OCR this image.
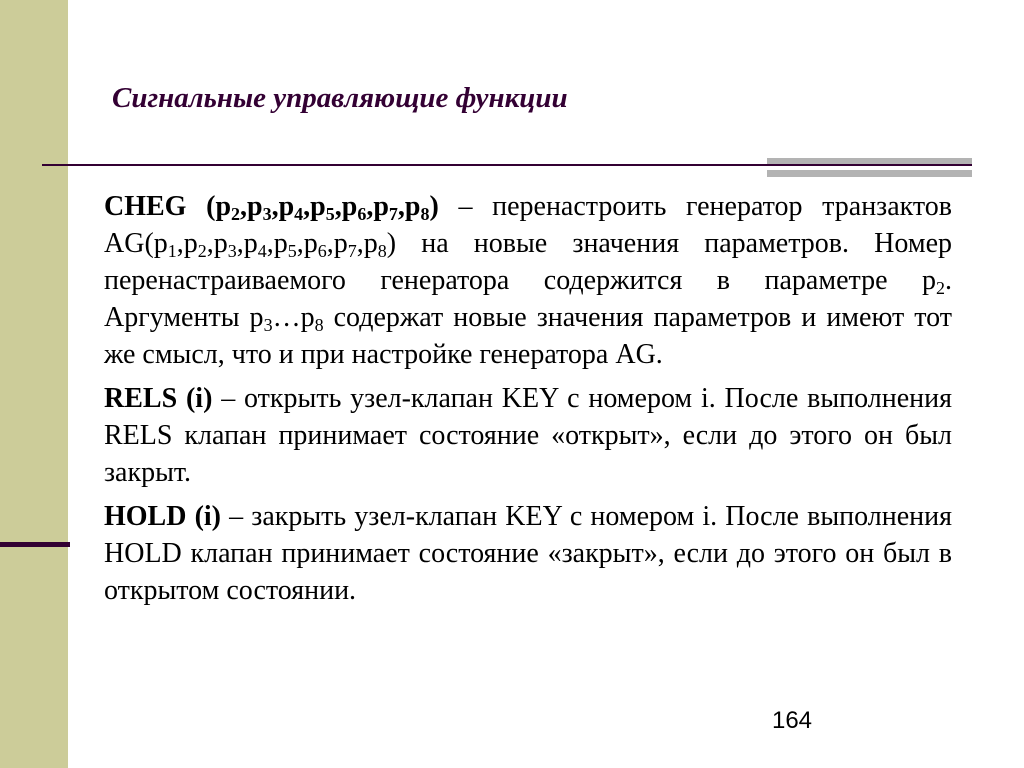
Сигнальные управляющие функции

CHEG $(p_2,p_3,p_4,p_5,p_6,p_7,p_8)$ – перенастроить генератор транзактов $AG(p_1,p_2,p_3,p_4,p_5,p_6,p_7,p_8)$ на новые значения параметров. Номер перенастраиваемого генератора содержится в параметре $p_2$. Аргументы $p_3\dots p_8$ содержат новые значения параметров и имеют тот же смысл, что и при настройке генератора AG.

RELS (i) – открыть узел-клапан KEY с номером i. После выполнения RELS клапан принимает состояние «открыт», если до этого он был закрыт.

HOLD (i) – закрыть узел-клапан KEY с номером i. После выполнения HOLD клапан принимает состояние «закрыт», если до этого он был в открытом состоянии.

164
